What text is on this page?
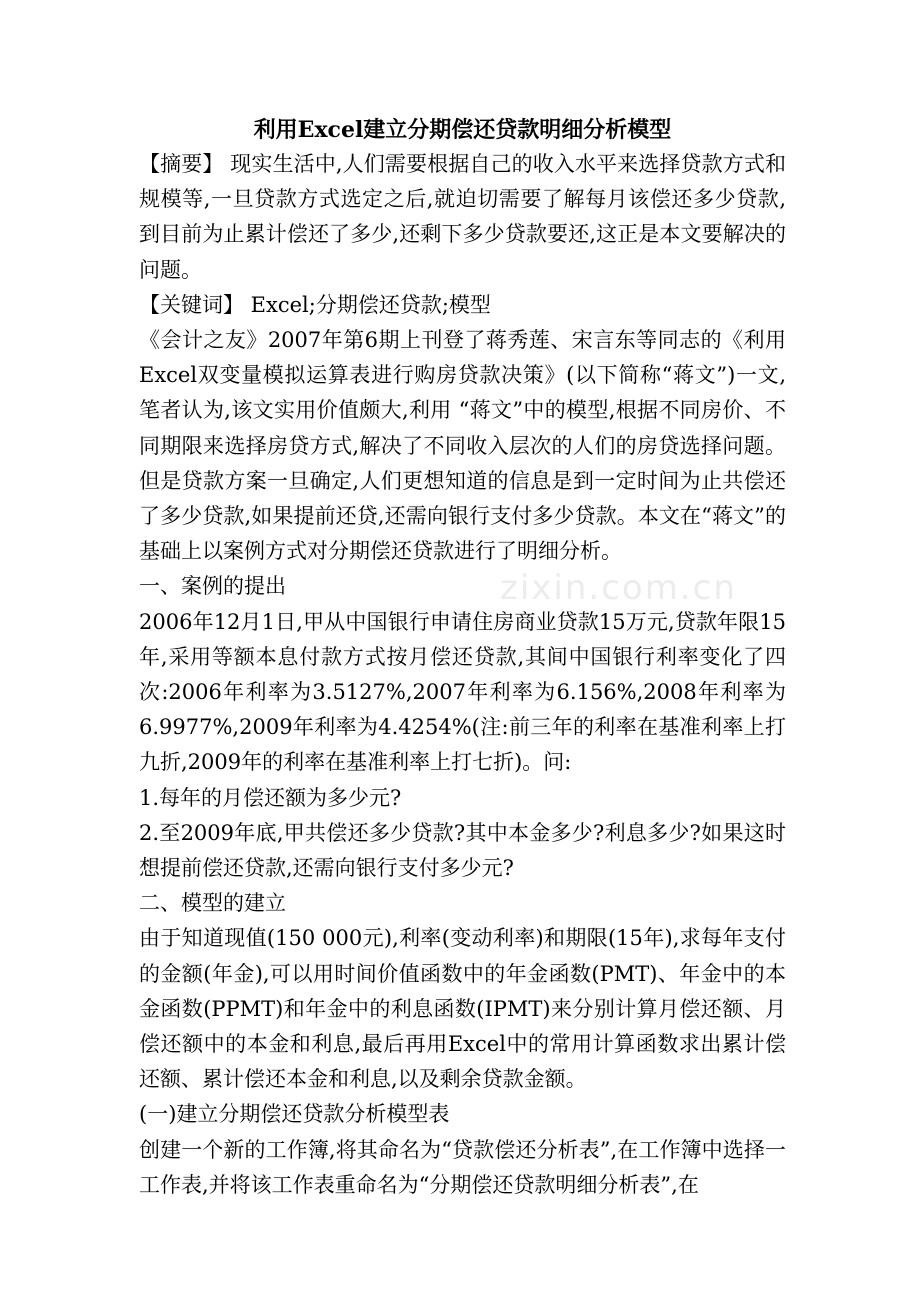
利用Excel建立分期偿还贷款明细分析模型

【摘要】 现实生活中,人们需要根据自己的收入水平来选择贷款方式和规模等,一旦贷款方式选定之后,就迫切需要了解每月该偿还多少贷款,到目前为止累计偿还了多少,还剩下多少贷款要还,这正是本文要解决的问题。

【关键词】 Excel;分期偿还贷款;模型

《会计之友》2007年第6期上刊登了蒋秀莲、宋言东等同志的《利用Excel双变量模拟运算表进行购房贷款决策》(以下简称“蒋文”)一文,笔者认为,该文实用价值颇大,利用 “蒋文”中的模型,根据不同房价、不同期限来选择房贷方式,解决了不同收入层次的人们的房贷选择问题。但是贷款方案一旦确定,人们更想知道的信息是到一定时间为止共偿还了多少贷款,如果提前还贷,还需向银行支付多少贷款。本文在“蒋文”的基础上以案例方式对分期偿还贷款进行了明细分析。

一、案例的提出

2006年12月1日,甲从中国银行申请住房商业贷款15万元,贷款年限15年,采用等额本息付款方式按月偿还贷款,其间中国银行利率变化了四次:2006年利率为3.5127%,2007年利率为6.156%,2008年利率为6.9977%,2009年利率为4.4254%(注:前三年的利率在基准利率上打九折,2009年的利率在基准利率上打七折)。问:

1.每年的月偿还额为多少元?

2.至2009年底,甲共偿还多少贷款?其中本金多少?利息多少?如果这时想提前偿还贷款,还需向银行支付多少元?

二、模型的建立

由于知道现值(150 000元),利率(变动利率)和期限(15年),求每年支付的金额(年金),可以用时间价值函数中的年金函数(PMT)、年金中的本金函数(PPMT)和年金中的利息函数(IPMT)来分别计算月偿还额、月偿还额中的本金和利息,最后再用Excel中的常用计算函数求出累计偿还额、累计偿还本金和利息,以及剩余贷款金额。

(一)建立分期偿还贷款分析模型表

创建一个新的工作簿,将其命名为“贷款偿还分析表”,在工作簿中选择一工作表,并将该工作表重命名为“分期偿还贷款明细分析表”,在

zixin.com.cn
